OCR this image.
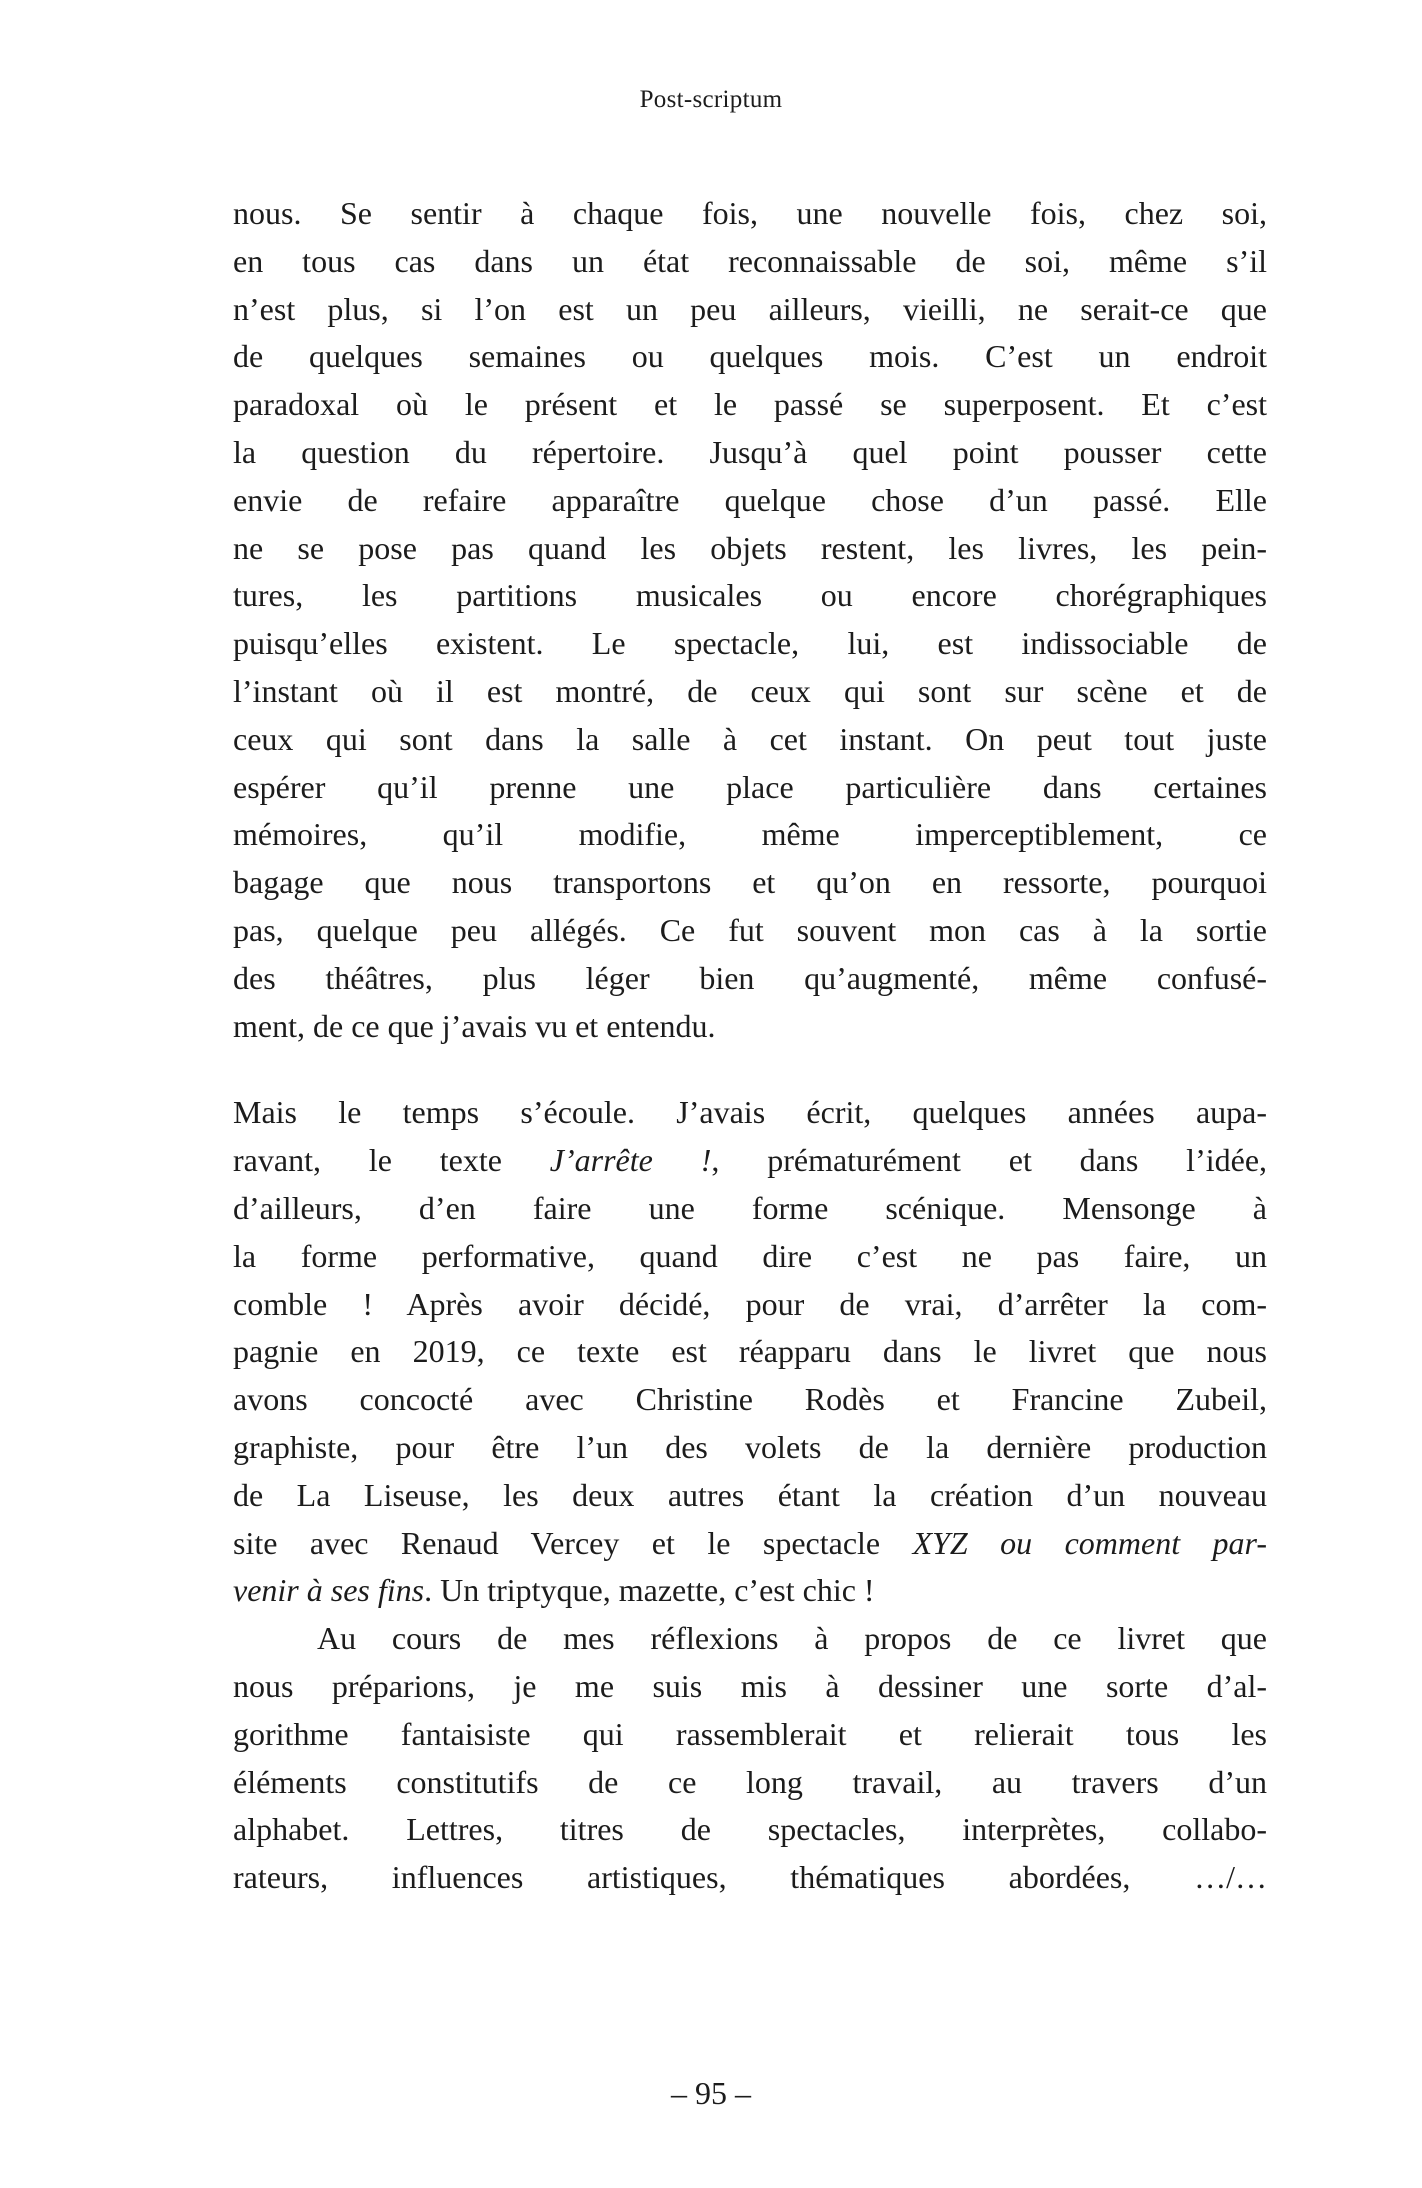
Post-scriptum
nous. Se sentir à chaque fois, une nouvelle fois, chez soi,
en tous cas dans un état reconnaissable de soi, même s’il
n’est plus, si l’on est un peu ailleurs, vieilli, ne serait-ce que
de quelques semaines ou quelques mois. C’est un endroit
paradoxal où le présent et le passé se superposent. Et c’est
la question du répertoire. Jusqu’à quel point pousser cette
envie de refaire apparaître quelque chose d’un passé. Elle
ne se pose pas quand les objets restent, les livres, les pein-
tures, les partitions musicales ou encore chorégraphiques
puisqu’elles existent. Le spectacle, lui, est indissociable de
l’instant où il est montré, de ceux qui sont sur scène et de
ceux qui sont dans la salle à cet instant. On peut tout juste
espérer qu’il prenne une place particulière dans certaines
mémoires, qu’il modifie, même imperceptiblement, ce
bagage que nous transportons et qu’on en ressorte, pourquoi
pas, quelque peu allégés. Ce fut souvent mon cas à la sortie
des théâtres, plus léger bien qu’augmenté, même confusé-
ment, de ce que j’avais vu et entendu.
Mais le temps s’écoule. J’avais écrit, quelques années aupa-
ravant, le texte J’arrête !, prématurément et dans l’idée,
d’ailleurs, d’en faire une forme scénique. Mensonge à
la forme performative, quand dire c’est ne pas faire, un
comble ! Après avoir décidé, pour de vrai, d’arrêter la com-
pagnie en 2019, ce texte est réapparu dans le livret que nous
avons concocté avec Christine Rodès et Francine Zubeil,
graphiste, pour être l’un des volets de la dernière production
de La Liseuse, les deux autres étant la création d’un nouveau
site avec Renaud Vercey et le spectacle XYZ ou comment par-
venir à ses fins. Un triptyque, mazette, c’est chic !
Au cours de mes réflexions à propos de ce livret que
nous préparions, je me suis mis à dessiner une sorte d’al-
gorithme fantaisiste qui rassemblerait et relierait tous les
éléments constitutifs de ce long travail, au travers d’un
alphabet. Lettres, titres de spectacles, interprètes, collabo-
rateurs, influences artistiques, thématiques abordées, …/…
– 95 –
